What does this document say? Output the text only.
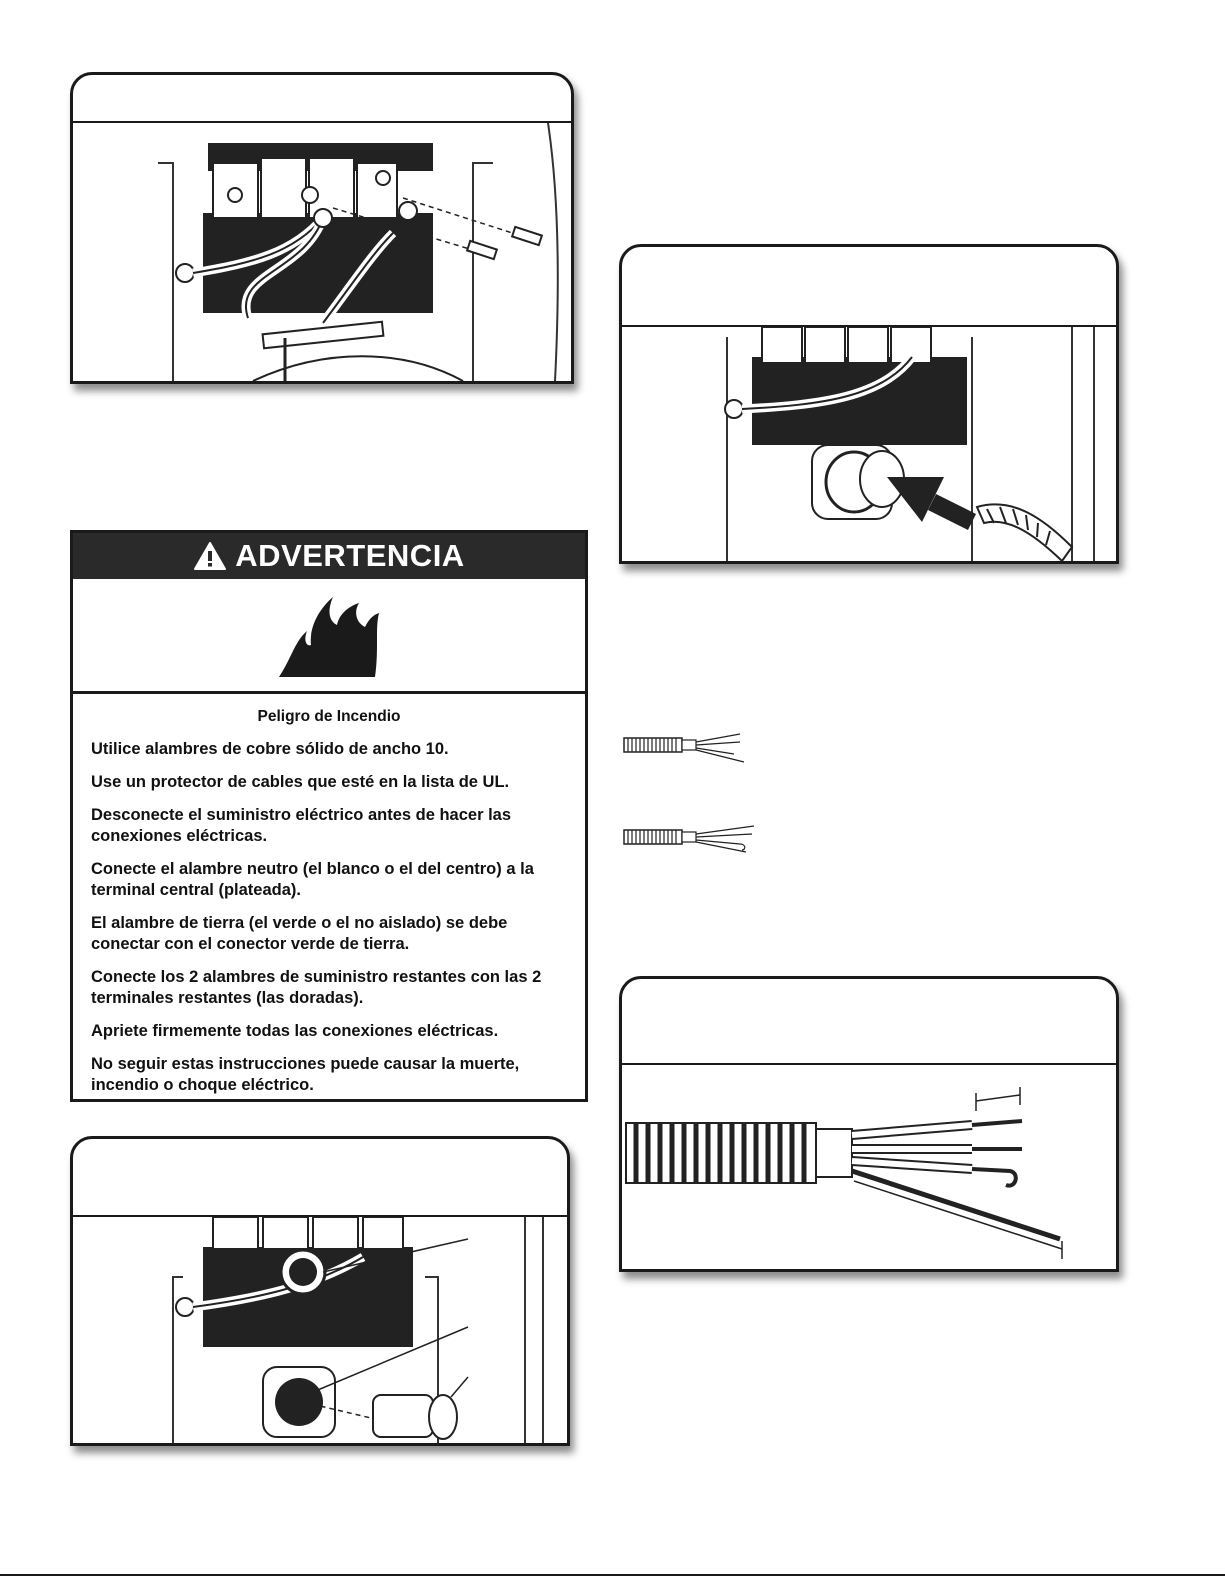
ADVERTENCIA
Peligro de Incendio

Utilice alambres de cobre sólido de ancho 10.

Use un protector de cables que esté en la lista de UL.

Desconecte el suministro eléctrico antes de hacer las conexiones eléctricas.

Conecte el alambre neutro (el blanco o el del centro) a la terminal central (plateada).

El alambre de tierra (el verde o el no aislado) se debe conectar con el conector verde de tierra.

Conecte los 2 alambres de suministro restantes con las 2 terminales restantes (las doradas).

Apriete firmemente todas las conexiones eléctricas.

No seguir estas instrucciones puede causar la muerte, incendio o choque eléctrico.
